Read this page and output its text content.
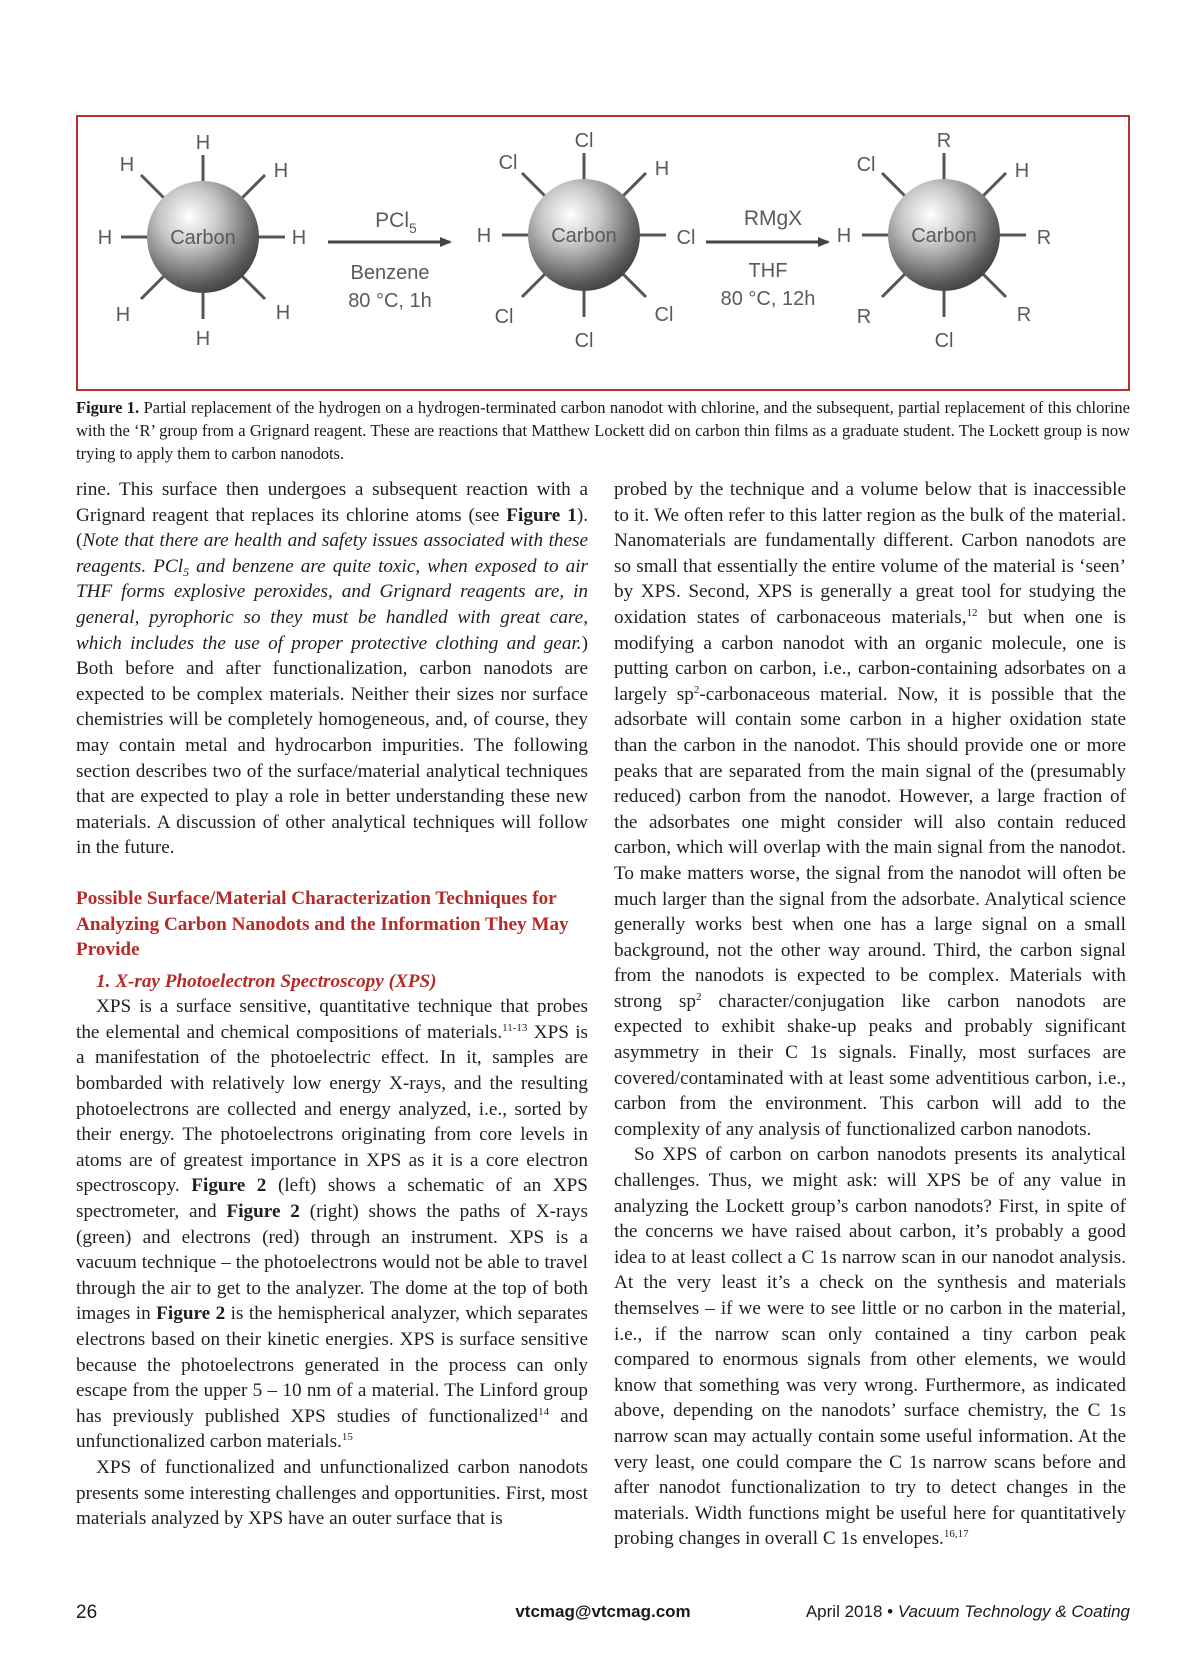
Carbon
H
H
H	H
H	H
H	H
PCl$_5$
Benzene
80 °C, 1h
Carbon
Cl
Cl
H	Cl
Cl	H
Cl	Cl
RMgX
THF
80 °C, 12h
Carbon
R
Cl
H	R
Cl	H
R	R
Figure 1. Partial replacement of the hydrogen on a hydrogen-terminated carbon nanodot with chlorine, and the subsequent, partial replacement of this chlorine with the ‘R’ group from a Grignard reagent. These are reactions that Matthew Lockett did on carbon thin films as a graduate student. The Lockett group is now trying to apply them to carbon nanodots.

rine. This surface then undergoes a subsequent reaction with a Grignard reagent that replaces its chlorine atoms (see Figure 1). (Note that there are health and safety issues associated with these reagents. PCl$_5$ and benzene are quite toxic, when exposed to air THF forms explosive peroxides, and Grignard reagents are, in general, pyrophoric so they must be handled with great care, which includes the use of proper protective clothing and gear.) Both before and after functionalization, carbon nanodots are expected to be complex materials. Neither their sizes nor surface chemistries will be completely homogeneous, and, of course, they may contain metal and hydrocarbon impurities. The following section describes two of the surface/material analytical techniques that are expected to play a role in better understanding these new materials. A discussion of other analytical techniques will follow in the future.

Possible Surface/Material Characterization Techniques for Analyzing Carbon Nanodots and the Information They May Provide

1. X-ray Photoelectron Spectroscopy (XPS)

XPS is a surface sensitive, quantitative technique that probes the elemental and chemical compositions of materials.$^{11-13}$ XPS is a manifestation of the photoelectric effect. In it, samples are bombarded with relatively low energy X-rays, and the resulting photoelectrons are collected and energy analyzed, i.e., sorted by their energy. The photoelectrons originating from core levels in atoms are of greatest importance in XPS as it is a core electron spectroscopy. Figure 2 (left) shows a schematic of an XPS spectrometer, and Figure 2 (right) shows the paths of X-rays (green) and electrons (red) through an instrument. XPS is a vacuum technique – the photoelectrons would not be able to travel through the air to get to the analyzer. The dome at the top of both images in Figure 2 is the hemispherical analyzer, which separates electrons based on their kinetic energies. XPS is surface sensitive because the photoelectrons generated in the process can only escape from the upper 5 – 10 nm of a material. The Linford group has previously published XPS studies of functionalized$^{14}$ and unfunctionalized carbon materials.$^{15}$

XPS of functionalized and unfunctionalized carbon nanodots presents some interesting challenges and opportunities. First, most materials analyzed by XPS have an outer surface that is

probed by the technique and a volume below that is inaccessible to it. We often refer to this latter region as the bulk of the material. Nanomaterials are fundamentally different. Carbon nanodots are so small that essentially the entire volume of the material is ‘seen’ by XPS. Second, XPS is generally a great tool for studying the oxidation states of carbonaceous materials,$^{12}$ but when one is modifying a carbon nanodot with an organic molecule, one is putting carbon on carbon, i.e., carbon-containing adsorbates on a largely $sp^2$-carbonaceous material. Now, it is possible that the adsorbate will contain some carbon in a higher oxidation state than the carbon in the nanodot. This should provide one or more peaks that are separated from the main signal of the (presumably reduced) carbon from the nanodot. However, a large fraction of the adsorbates one might consider will also contain reduced carbon, which will overlap with the main signal from the nanodot. To make matters worse, the signal from the nanodot will often be much larger than the signal from the adsorbate. Analytical science generally works best when one has a large signal on a small background, not the other way around. Third, the carbon signal from the nanodots is expected to be complex. Materials with strong $sp^2$ character/conjugation like carbon nanodots are expected to exhibit shake-up peaks and probably significant asymmetry in their C 1s signals. Finally, most surfaces are covered/contaminated with at least some adventitious carbon, i.e., carbon from the environment. This carbon will add to the complexity of any analysis of functionalized carbon nanodots.

So XPS of carbon on carbon nanodots presents its analytical challenges. Thus, we might ask: will XPS be of any value in analyzing the Lockett group’s carbon nanodots? First, in spite of the concerns we have raised about carbon, it’s probably a good idea to at least collect a C 1s narrow scan in our nanodot analysis. At the very least it’s a check on the synthesis and materials themselves – if we were to see little or no carbon in the material, i.e., if the narrow scan only contained a tiny carbon peak compared to enormous signals from other elements, we would know that something was very wrong. Furthermore, as indicated above, depending on the nanodots’ surface chemistry, the C 1s narrow scan may actually contain some useful information. At the very least, one could compare the C 1s narrow scans before and after nanodot functionalization to try to detect changes in the materials. Width functions might be useful here for quantitatively probing changes in overall C 1s envelopes.$^{16,17}$

26	vtcmag@vtcmag.com	April 2018 • Vacuum Technology & Coating
